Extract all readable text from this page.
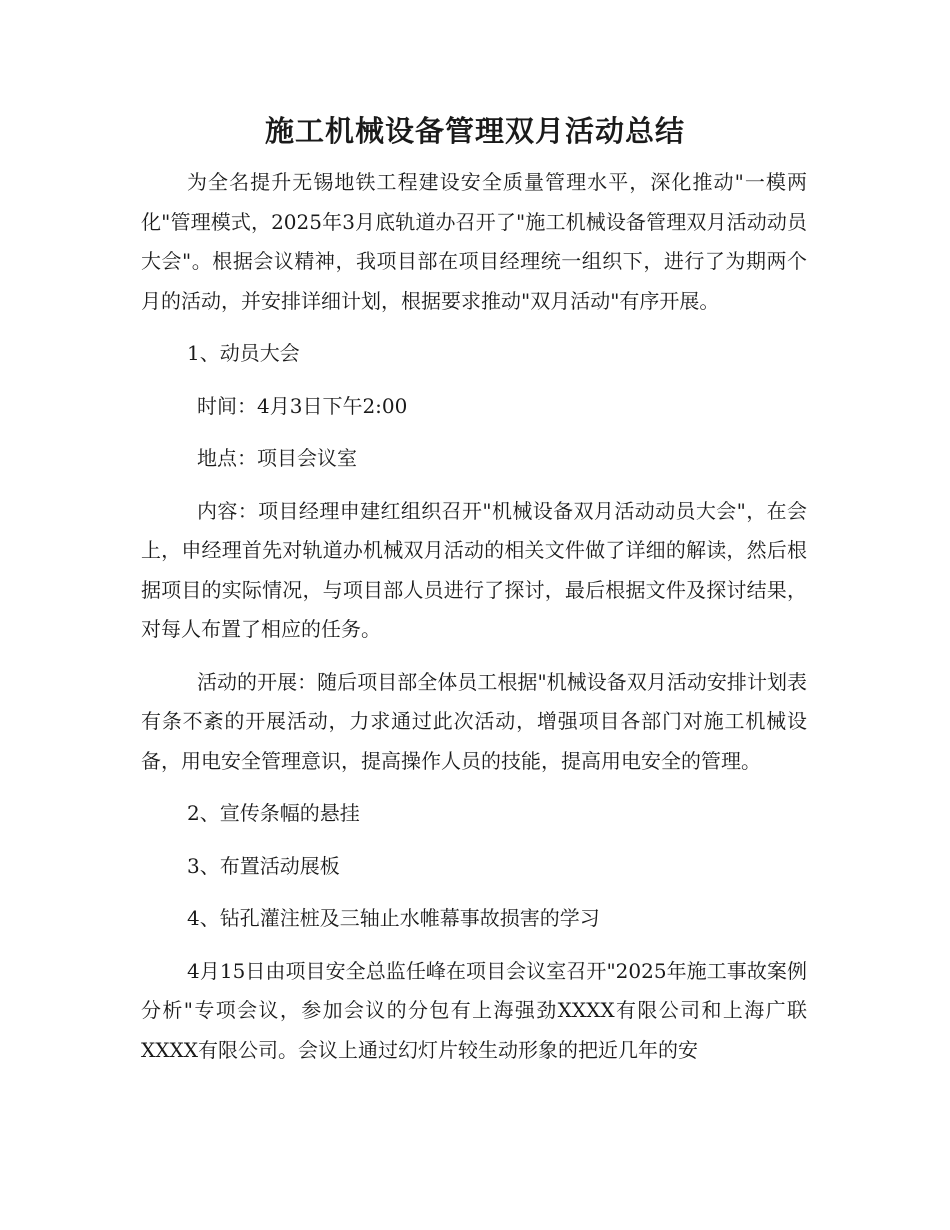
施工机械设备管理双月活动总结

为全名提升无锡地铁工程建设安全质量管理水平，深化推动"一模两化"管理模式，2025年3月底轨道办召开了"施工机械设备管理双月活动动员大会"。根据会议精神，我项目部在项目经理统一组织下，进行了为期两个月的活动，并安排详细计划，根据要求推动"双月活动"有序开展。

1、动员大会

时间：4月3日下午2:00

地点：项目会议室

内容：项目经理申建红组织召开"机械设备双月活动动员大会"，在会上，申经理首先对轨道办机械双月活动的相关文件做了详细的解读，然后根据项目的实际情况，与项目部人员进行了探讨，最后根据文件及探讨结果，对每人布置了相应的任务。

活动的开展：随后项目部全体员工根据"机械设备双月活动安排计划表有条不紊的开展活动，力求通过此次活动，增强项目各部门对施工机械设备，用电安全管理意识，提高操作人员的技能，提高用电安全的管理。

2、宣传条幅的悬挂

3、布置活动展板

4、钻孔灌注桩及三轴止水帷幕事故损害的学习

4月15日由项目安全总监任峰在项目会议室召开"2025年施工事故案例分析"专项会议，参加会议的分包有上海强劲XXXX有限公司和上海广联XXXX有限公司。会议上通过幻灯片较生动形象的把近几年的安
